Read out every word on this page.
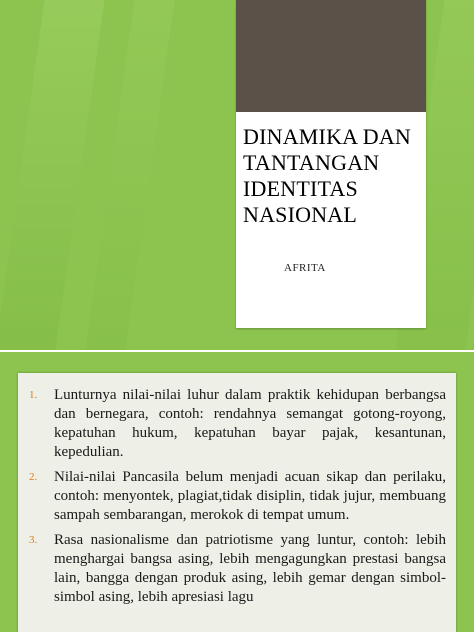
DINAMIKA DAN
TANTANGAN
IDENTITAS
NASIONAL
AFRITA
1. Lunturnya nilai-nilai luhur dalam praktik kehidupan berbangsa dan bernegara, contoh: rendahnya semangat gotong-royong, kepatuhan hukum, kepatuhan bayar pajak, kesantunan, kepedulian.
2. Nilai-nilai Pancasila belum menjadi acuan sikap dan perilaku, contoh: menyontek, plagiat,tidak disiplin, tidak jujur, membuang sampah sembarangan, merokok di tempat umum.
3. Rasa nasionalisme dan patriotisme yang luntur, contoh: lebih menghargai bangsa asing, lebih mengagungkan prestasi bangsa lain, bangga dengan produk asing, lebih gemar dengan simbol-simbol asing, lebih apresiasi lagu
